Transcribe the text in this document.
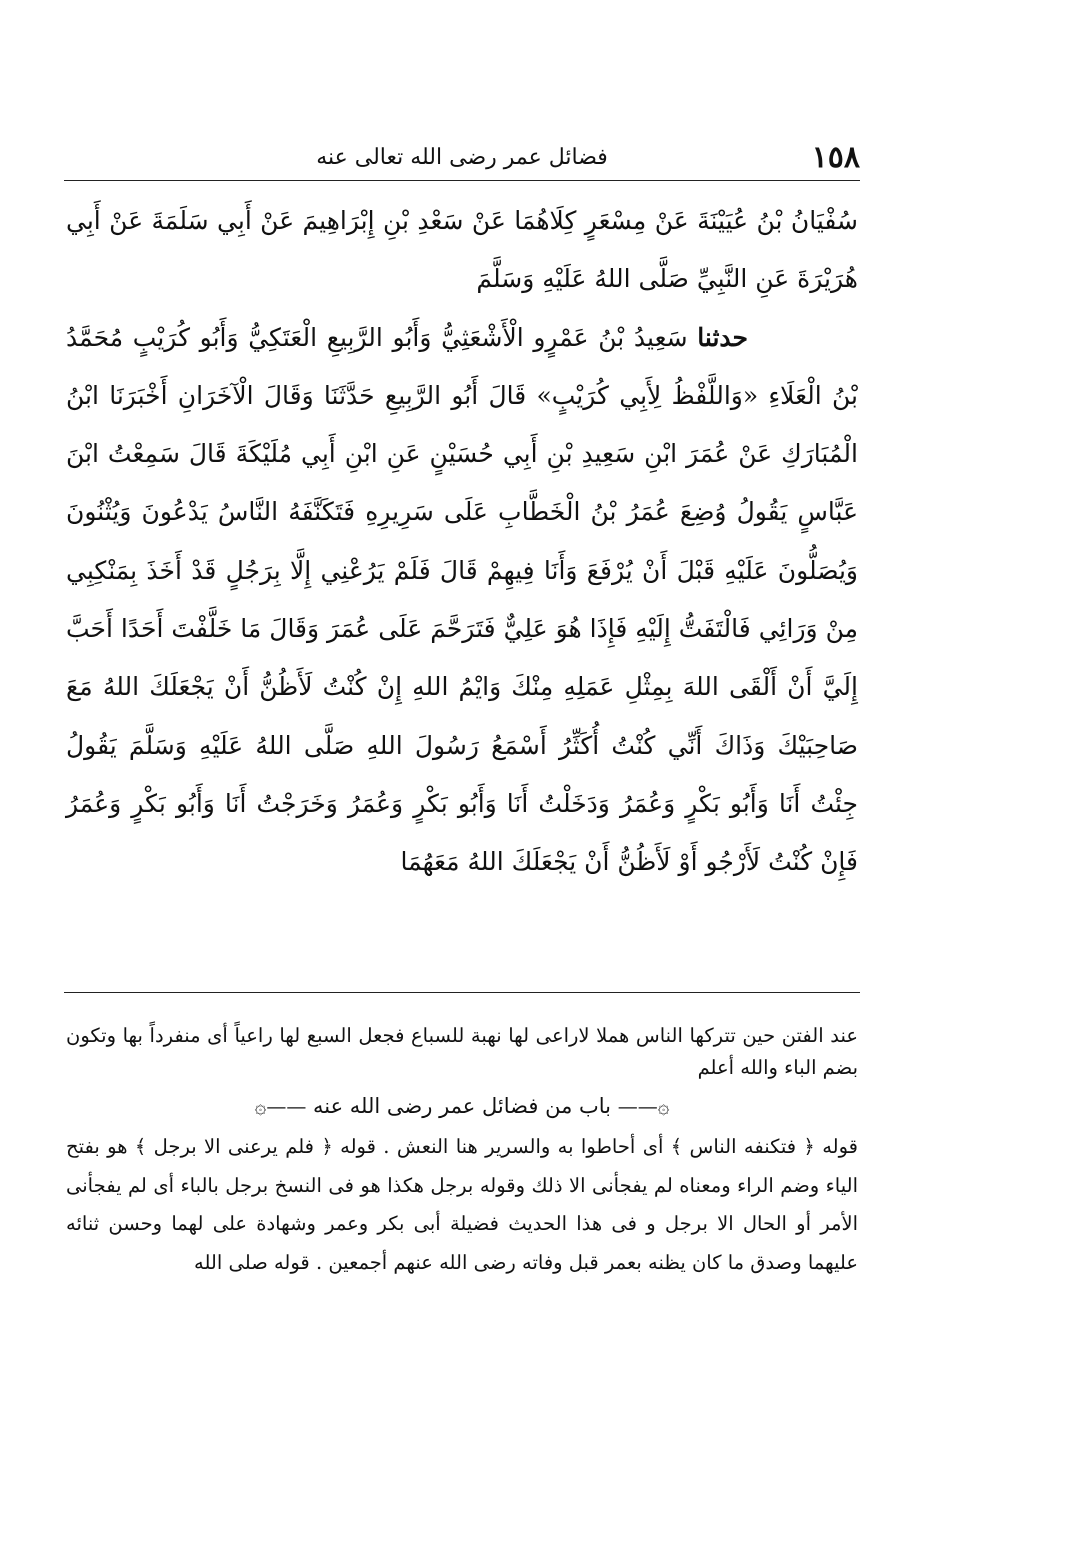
١٥٨
فضائل عمر رضى الله تعالى عنه

سُفْيَانُ بْنُ عُيَيْنَةَ عَنْ مِسْعَرٍ كِلَاهُمَا عَنْ سَعْدِ بْنِ إِبْرَاهِيمَ عَنْ أَبِي سَلَمَةَ عَنْ أَبِي هُرَيْرَةَ عَنِ النَّبِيِّ صَلَّى اللهُ عَلَيْهِ وَسَلَّمَ

حدثنا سَعِيدُ بْنُ عَمْرٍو الْأَشْعَثِيُّ وَأَبُو الرَّبِيعِ الْعَتَكِيُّ وَأَبُو كُرَيْبٍ مُحَمَّدُ بْنُ الْعَلَاءِ «وَاللَّفْظُ لِأَبِي كُرَيْبٍ» قَالَ أَبُو الرَّبِيعِ حَدَّثَنَا وَقَالَ الْآخَرَانِ أَخْبَرَنَا ابْنُ الْمُبَارَكِ عَنْ عُمَرَ ابْنِ سَعِيدِ بْنِ أَبِي حُسَيْنٍ عَنِ ابْنِ أَبِي مُلَيْكَةَ قَالَ سَمِعْتُ ابْنَ عَبَّاسٍ يَقُولُ وُضِعَ عُمَرُ بْنُ الْخَطَّابِ عَلَى سَرِيرِهِ فَتَكَنَّفَهُ النَّاسُ يَدْعُونَ وَيُثْنُونَ وَيُصَلُّونَ عَلَيْهِ قَبْلَ أَنْ يُرْفَعَ وَأَنَا فِيهِمْ قَالَ فَلَمْ يَرُعْنِي إِلَّا بِرَجُلٍ قَدْ أَخَذَ بِمَنْكِبِي مِنْ وَرَائِي فَالْتَفَتُّ إِلَيْهِ فَإِذَا هُوَ عَلِيٌّ فَتَرَحَّمَ عَلَى عُمَرَ وَقَالَ مَا خَلَّفْتَ أَحَدًا أَحَبَّ إِلَيَّ أَنْ أَلْقَى اللهَ بِمِثْلِ عَمَلِهِ مِنْكَ وَايْمُ اللهِ إِنْ كُنْتُ لَأَظُنُّ أَنْ يَجْعَلَكَ اللهُ مَعَ صَاحِبَيْكَ وَذَاكَ أَنِّي كُنْتُ أُكَثِّرُ أَسْمَعُ رَسُولَ اللهِ صَلَّى اللهُ عَلَيْهِ وَسَلَّمَ يَقُولُ جِئْتُ أَنَا وَأَبُو بَكْرٍ وَعُمَرُ وَدَخَلْتُ أَنَا وَأَبُو بَكْرٍ وَعُمَرُ وَخَرَجْتُ أَنَا وَأَبُو بَكْرٍ وَعُمَرُ فَإِنْ كُنْتُ لَأَرْجُو أَوْ لَأَظُنُّ أَنْ يَجْعَلَكَ اللهُ مَعَهُمَا

عند الفتن حين تتركها الناس هملا لاراعى لها نهبة للسباع فجعل السبع لها راعياً أى منفرداً بها وتكون بضم الباء والله أعلم

۞—— باب من فضائل عمر رضى الله عنه ——۞

قوله ﴿ فتكنفه الناس ﴾ أى أحاطوا به والسرير هنا النعش . قوله ﴿ فلم يرعنى الا برجل ﴾ هو بفتح الياء وضم الراء ومعناه لم يفجأنى الا ذلك وقوله برجل هكذا هو فى النسخ برجل بالباء أى لم يفجأنى الأمر أو الحال الا برجل و فى هذا الحديث فضيلة أبى بكر وعمر وشهادة على لهما وحسن ثنائه عليهما وصدق ما كان يظنه بعمر قبل وفاته رضى الله عنهم أجمعين . قوله صلى الله
